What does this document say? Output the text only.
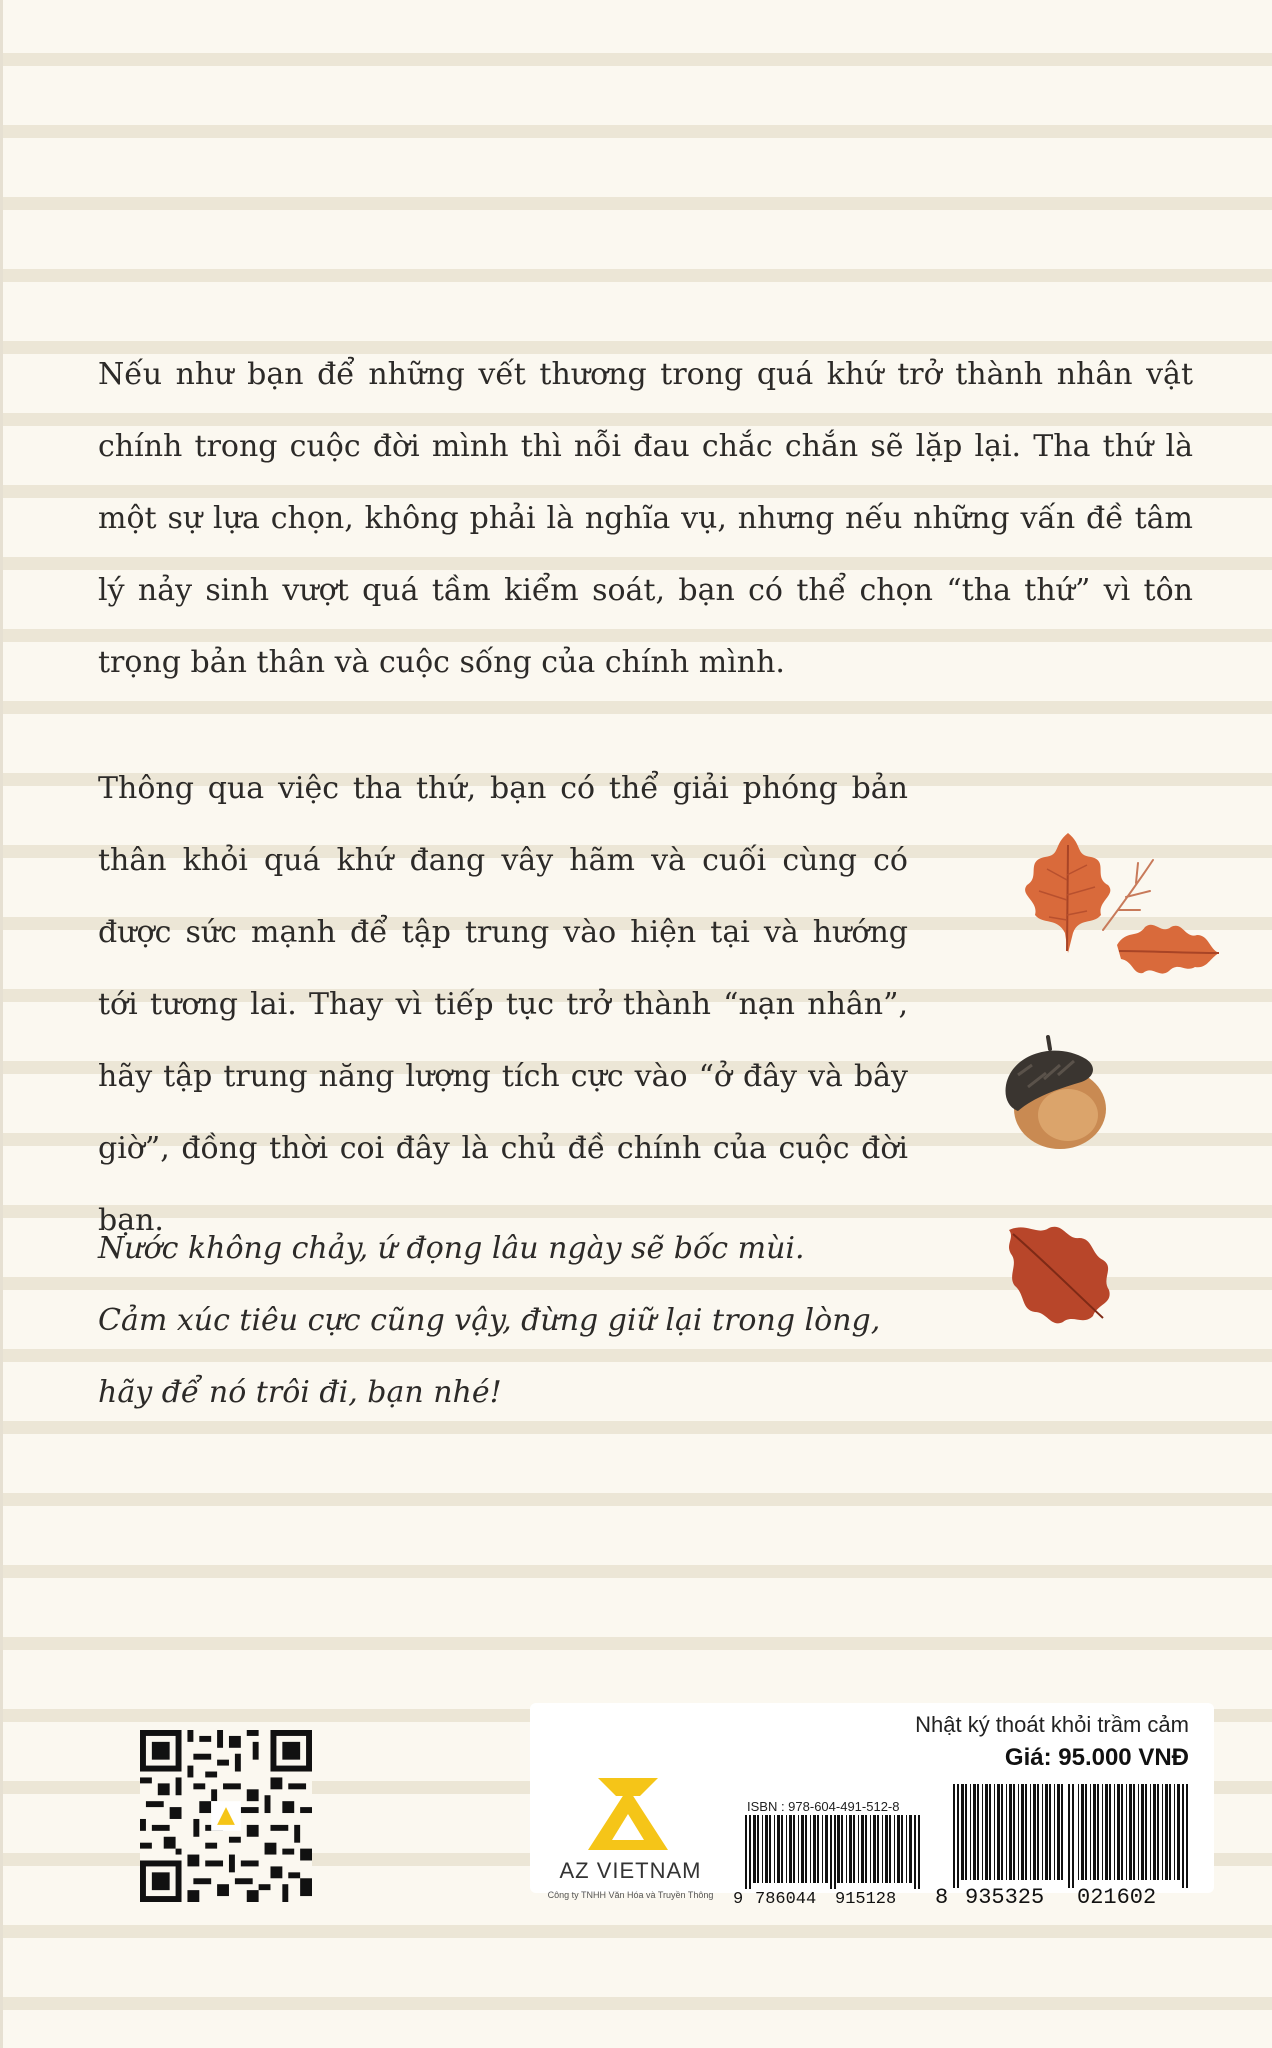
Nếu như bạn để những vết thương trong quá khứ trở thành nhân vật chính trong cuộc đời mình thì nỗi đau chắc chắn sẽ lặp lại. Tha thứ là một sự lựa chọn, không phải là nghĩa vụ, nhưng nếu những vấn đề tâm lý nảy sinh vượt quá tầm kiểm soát, bạn có thể chọn “tha thứ” vì tôn trọng bản thân và cuộc sống của chính mình.

Thông qua việc tha thứ, bạn có thể giải phóng bản thân khỏi quá khứ đang vây hãm và cuối cùng có được sức mạnh để tập trung vào hiện tại và hướng tới tương lai. Thay vì tiếp tục trở thành “nạn nhân”, hãy tập trung năng lượng tích cực vào “ở đây và bây giờ”, đồng thời coi đây là chủ đề chính của cuộc đời bạn.

Nước không chảy, ứ đọng lâu ngày sẽ bốc mùi.
Cảm xúc tiêu cực cũng vậy, đừng giữ lại trong lòng,
hãy để nó trôi đi, bạn nhé!

AZ VIETNAM
Công ty TNHH Văn Hóa và Truyền Thông
Nhật ký thoát khỏi trầm cảm
Giá: 95.000 VNĐ
ISBN : 978-604-491-512-8
9 786044 915128 8 935325 021602
